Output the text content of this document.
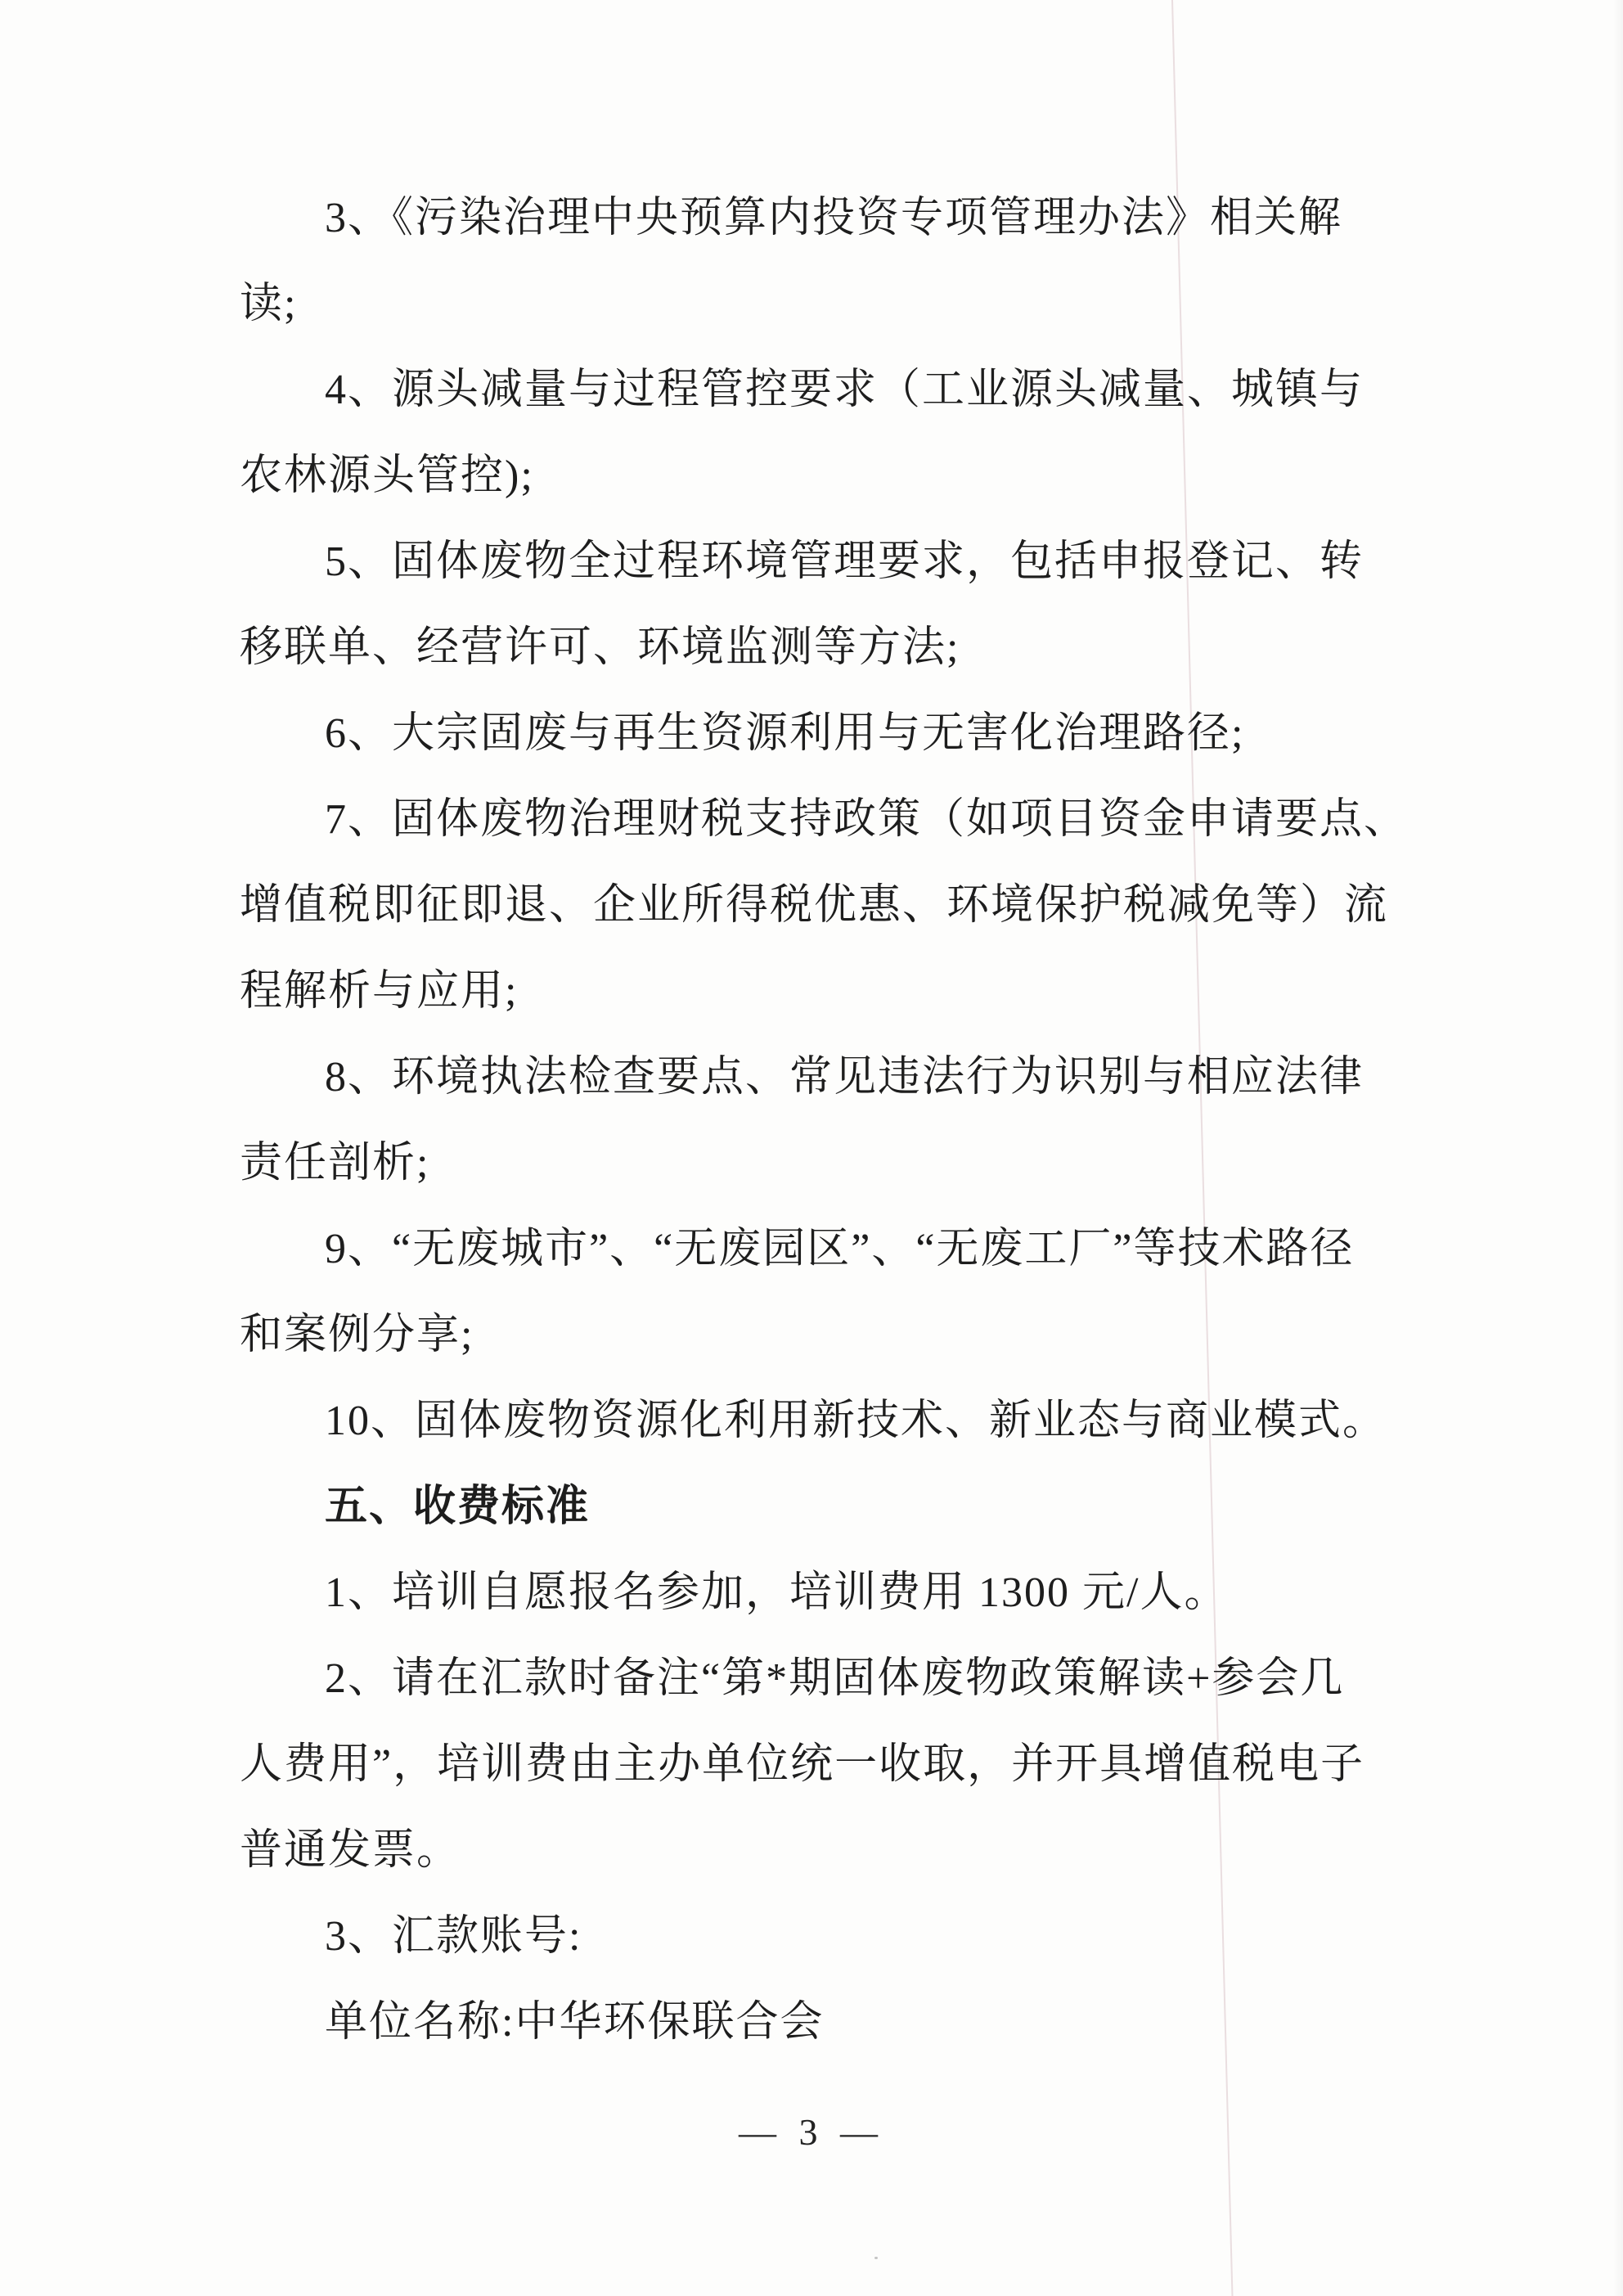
3、《污染治理中央预算内投资专项管理办法》相关解
读;
4、源头减量与过程管控要求（工业源头减量、城镇与
农林源头管控);
5、固体废物全过程环境管理要求，包括申报登记、转
移联单、经营许可、环境监测等方法;
6、大宗固废与再生资源利用与无害化治理路径;
7、固体废物治理财税支持政策（如项目资金申请要点、
增值税即征即退、企业所得税优惠、环境保护税减免等）流
程解析与应用;
8、环境执法检查要点、常见违法行为识别与相应法律
责任剖析;
9、“无废城市”、“无废园区”、“无废工厂”等技术路径
和案例分享;
10、固体废物资源化利用新技术、新业态与商业模式。
五、收费标准
1、培训自愿报名参加，培训费用 1300 元/人。
2、请在汇款时备注“第*期固体废物政策解读+参会几
人费用”，培训费由主办单位统一收取，并开具增值税电子
普通发票。
3、汇款账号:
单位名称:中华环保联合会
— 3 —
